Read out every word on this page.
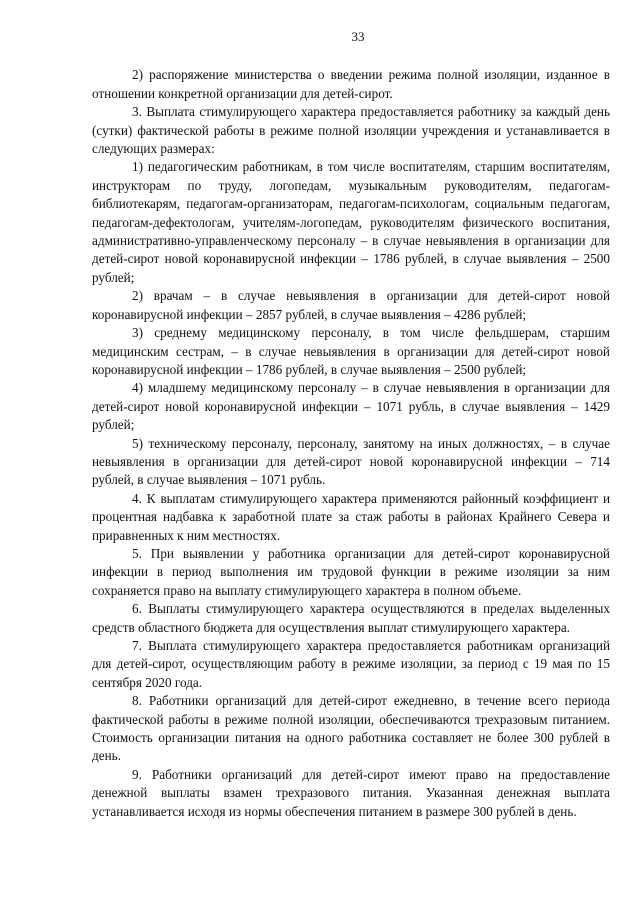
33

2) распоряжение министерства о введении режима полной изоляции, изданное в отношении конкретной организации для детей-сирот.

3. Выплата стимулирующего характера предоставляется работнику за каждый день (сутки) фактической работы в режиме полной изоляции учреждения и устанавливается в следующих размерах:

1) педагогическим работникам, в том числе воспитателям, старшим воспитателям, инструкторам по труду, логопедам, музыкальным руководителям, педагогам-библиотекарям, педагогам-организаторам, педагогам-психологам, социальным педагогам, педагогам-дефектологам, учителям-логопедам, руководителям физического воспитания, административно-управленческому персоналу – в случае невыявления в организации для детей-сирот новой коронавирусной инфекции – 1786 рублей, в случае выявления – 2500 рублей;

2) врачам – в случае невыявления в организации для детей-сирот новой коронавирусной инфекции – 2857 рублей, в случае выявления – 4286 рублей;

3) среднему медицинскому персоналу, в том числе фельдшерам, старшим медицинским сестрам, – в случае невыявления в организации для детей-сирот новой коронавирусной инфекции – 1786 рублей, в случае выявления – 2500 рублей;

4) младшему медицинскому персоналу – в случае невыявления в организации для детей-сирот новой коронавирусной инфекции – 1071 рубль, в случае выявления – 1429 рублей;

5) техническому персоналу, персоналу, занятому на иных должностях, – в случае невыявления в организации для детей-сирот новой коронавирусной инфекции – 714 рублей, в случае выявления – 1071 рубль.

4. К выплатам стимулирующего характера применяются районный коэффициент и процентная надбавка к заработной плате за стаж работы в районах Крайнего Севера и приравненных к ним местностях.

5. При выявлении у работника организации для детей-сирот коронавирусной инфекции в период выполнения им трудовой функции в режиме изоляции за ним сохраняется право на выплату стимулирующего характера в полном объеме.

6. Выплаты стимулирующего характера осуществляются в пределах выделенных средств областного бюджета для осуществления выплат стимулирующего характера.

7. Выплата стимулирующего характера предоставляется работникам организаций для детей-сирот, осуществляющим работу в режиме изоляции, за период с 19 мая по 15 сентября 2020 года.

8. Работники организаций для детей-сирот ежедневно, в течение всего периода фактической работы в режиме полной изоляции, обеспечиваются трехразовым питанием. Стоимость организации питания на одного работника составляет не более 300 рублей в день.

9. Работники организаций для детей-сирот имеют право на предоставление денежной выплаты взамен трехразового питания. Указанная денежная выплата устанавливается исходя из нормы обеспечения питанием в размере 300 рублей в день.
